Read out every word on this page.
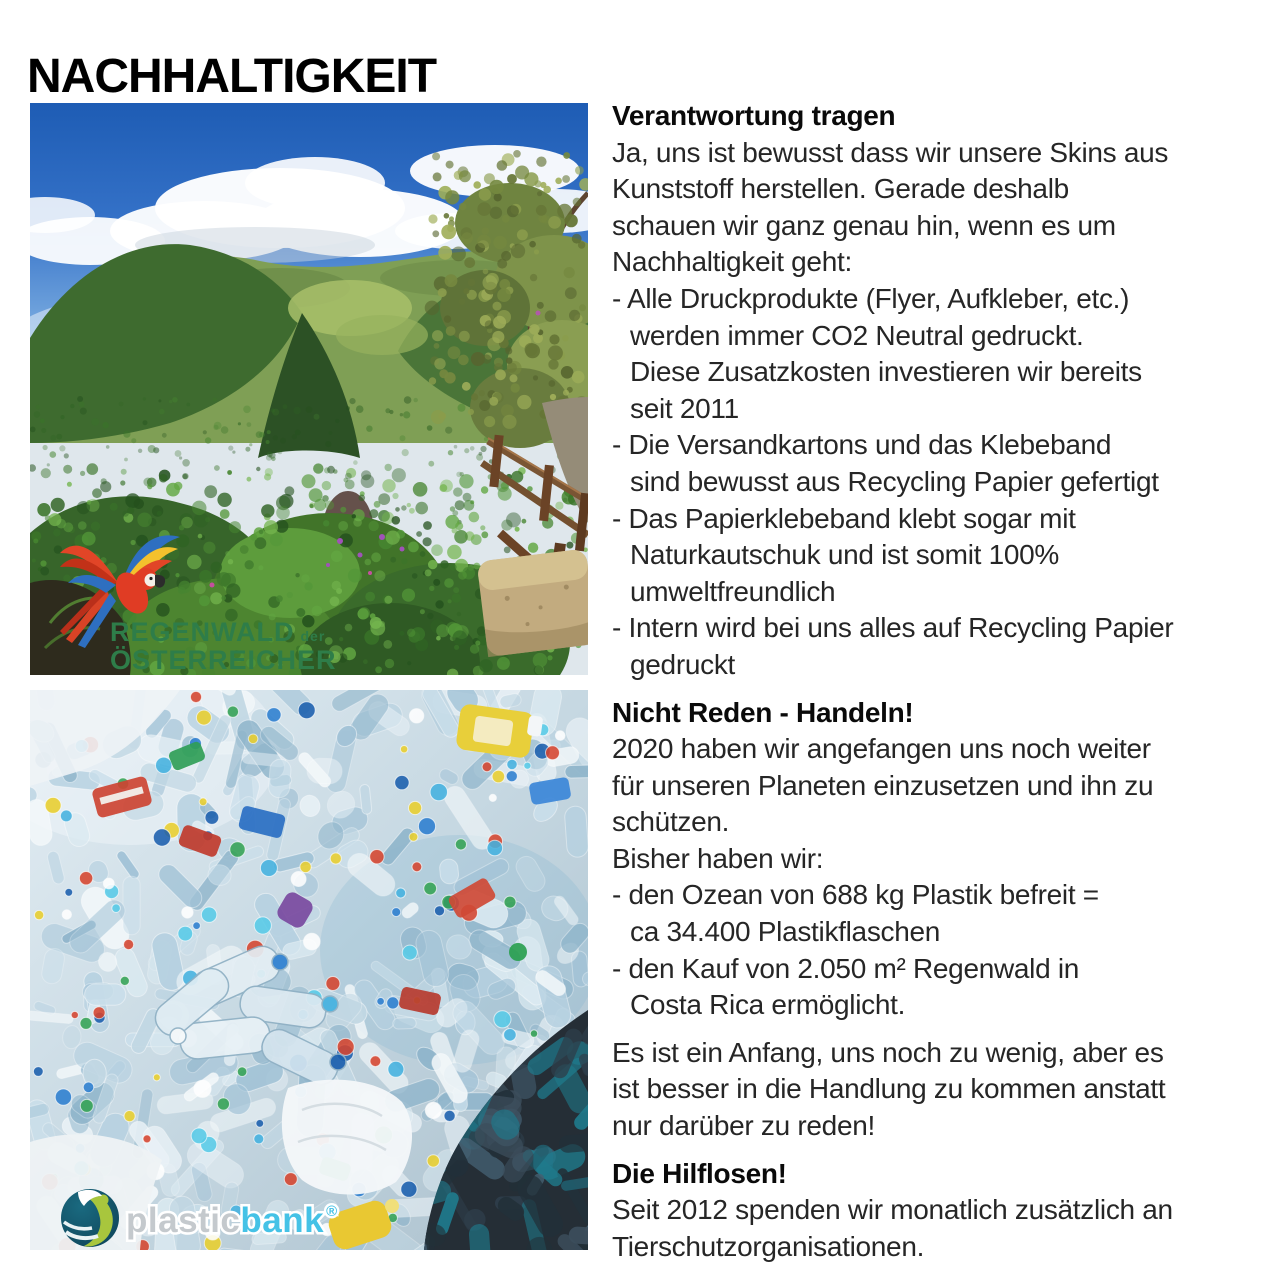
NACHHALTIGKEIT
REGENWALD der
ÖSTERREICHER
plasticbank ®
Verantwortung tragen
Ja, uns ist bewusst dass wir unsere Skins aus
Kunststoff herstellen. Gerade deshalb
schauen wir ganz genau hin, wenn es um
Nachhaltigkeit geht:
- Alle Druckprodukte (Flyer, Aufkleber, etc.)
werden immer CO2 Neutral gedruckt.
Diese Zusatzkosten investieren wir bereits
seit 2011
- Die Versandkartons und das Klebeband
sind bewusst aus Recycling Papier gefertigt
- Das Papierklebeband klebt sogar mit
Naturkautschuk und ist somit 100%
umweltfreundlich
- Intern wird bei uns alles auf Recycling Papier
gedruckt
Nicht Reden - Handeln!
2020 haben wir angefangen uns noch weiter
für unseren Planeten einzusetzen und ihn zu
schützen.
Bisher haben wir:
- den Ozean von 688 kg Plastik befreit =
ca 34.400 Plastikflaschen
- den Kauf von 2.050 m² Regenwald in
Costa Rica ermöglicht.
Es ist ein Anfang, uns noch zu wenig, aber es
ist besser in die Handlung zu kommen anstatt
nur darüber zu reden!
Die Hilflosen!
Seit 2012 spenden wir monatlich zusätzlich an
Tierschutzorganisationen.
